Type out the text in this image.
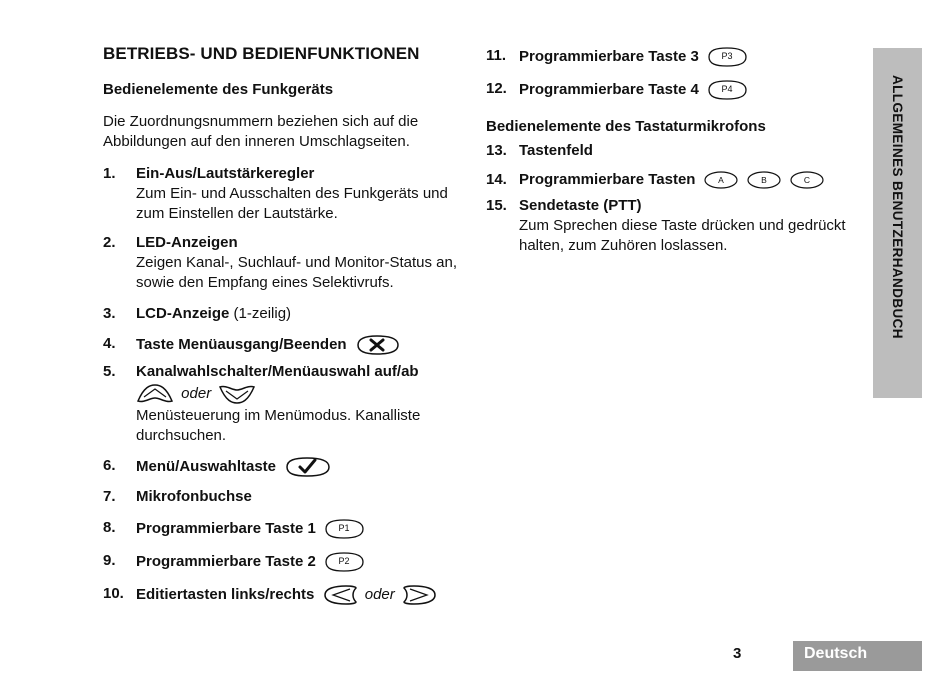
BETRIEBS- UND BEDIENFUNKTIONEN
Bedienelemente des Funkgeräts
Die Zuordnungsnummern beziehen sich auf die Abbildungen auf den inneren Umschlagseiten.
1. Ein-Aus/Lautstärkeregler
Zum Ein- und Ausschalten des Funkgeräts und zum Einstellen der Lautstärke.
2. LED-Anzeigen
Zeigen Kanal-, Suchlauf- und Monitor-Status an, sowie den Empfang eines Selektivrufs.
3. LCD-Anzeige (1-zeilig)
4. Taste Menüausgang/Beenden
5. Kanalwahlschalter/Menüauswahl auf/ab
oder
Menüsteuerung im Menümodus. Kanalliste durchsuchen.
6. Menü/Auswahltaste
7. Mikrofonbuchse
8. Programmierbare Taste 1	P1
9. Programmierbare Taste 2	P2
10. Editiertasten links/rechts	oder
11. Programmierbare Taste 3	P3
12. Programmierbare Taste 4	P4
Bedienelemente des Tastaturmikrofons
13. Tastenfeld
14. Programmierbare Tasten	A
	B
	C
15. Sendetaste (PTT)
Zum Sprechen diese Taste drücken und gedrückt halten, zum Zuhören loslassen.	ALLGEMEINES BENUTZERHANDBUCH
3	Deutsch
